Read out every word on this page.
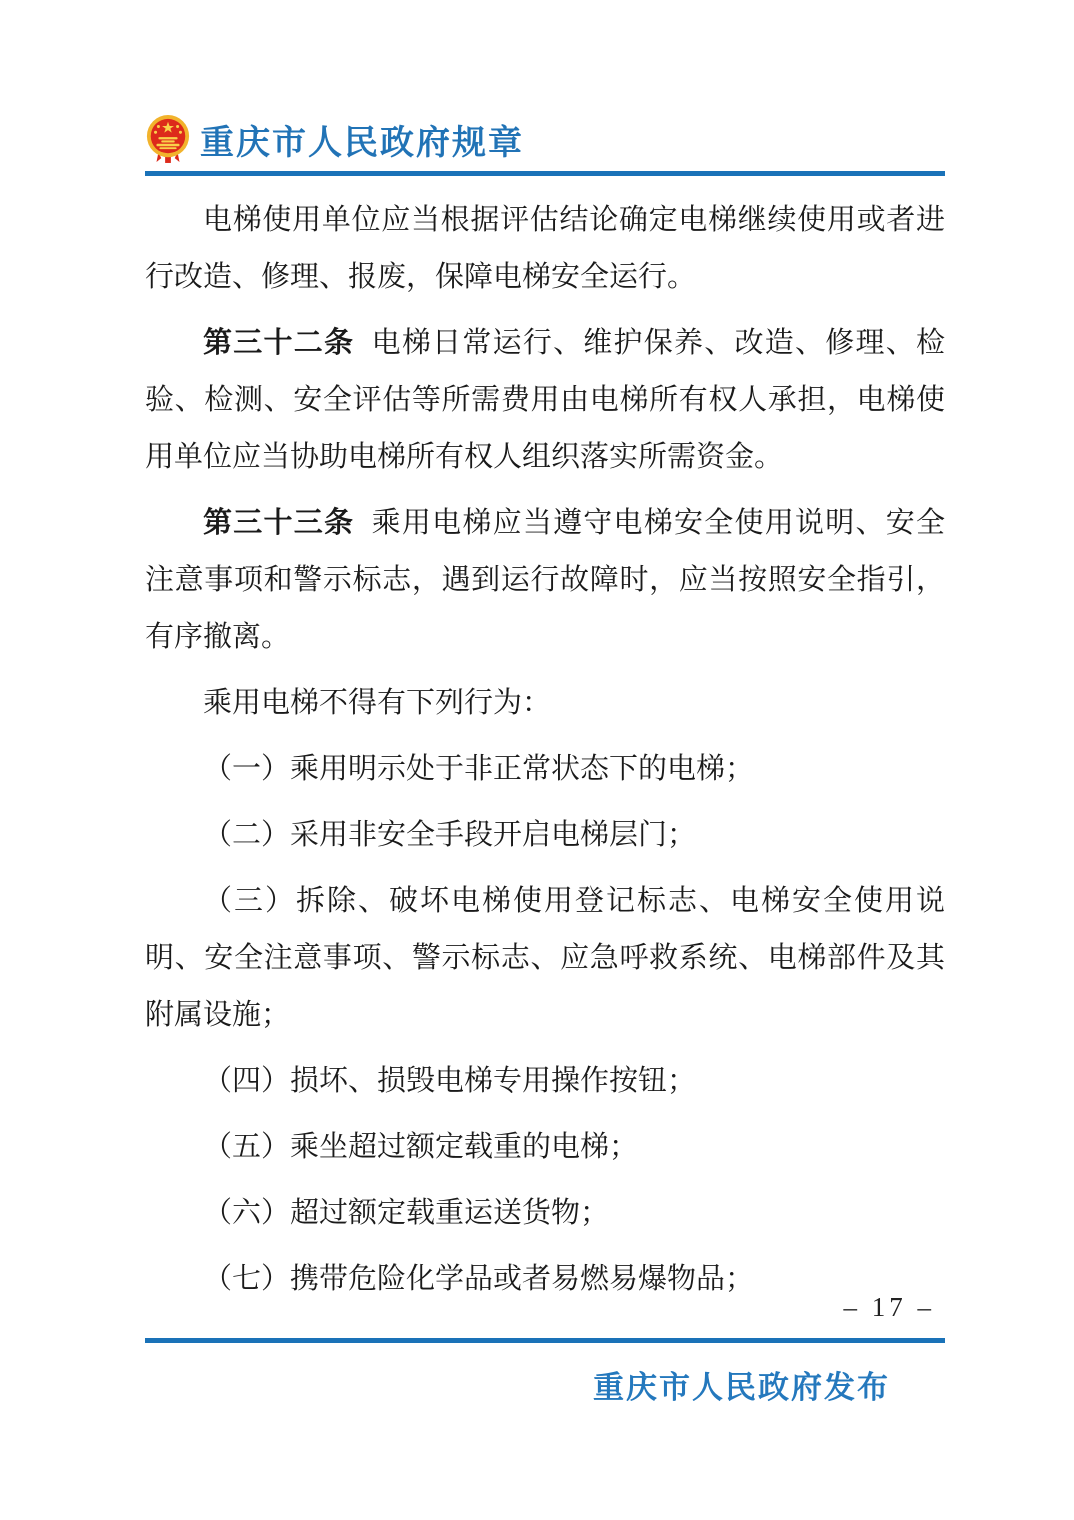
重庆市人民政府规章

电梯使用单位应当根据评估结论确定电梯继续使用或者进行改造、修理、报废，保障电梯安全运行。

第三十二条 电梯日常运行、维护保养、改造、修理、检验、检测、安全评估等所需费用由电梯所有权人承担，电梯使用单位应当协助电梯所有权人组织落实所需资金。

第三十三条 乘用电梯应当遵守电梯安全使用说明、安全注意事项和警示标志，遇到运行故障时，应当按照安全指引，有序撤离。

乘用电梯不得有下列行为：

（一）乘用明示处于非正常状态下的电梯；

（二）采用非安全手段开启电梯层门；

（三）拆除、破坏电梯使用登记标志、电梯安全使用说明、安全注意事项、警示标志、应急呼救系统、电梯部件及其附属设施；

（四）损坏、损毁电梯专用操作按钮；

（五）乘坐超过额定载重的电梯；

（六）超过额定载重运送货物；

（七）携带危险化学品或者易燃易爆物品；

– 17 –
重庆市人民政府发布
